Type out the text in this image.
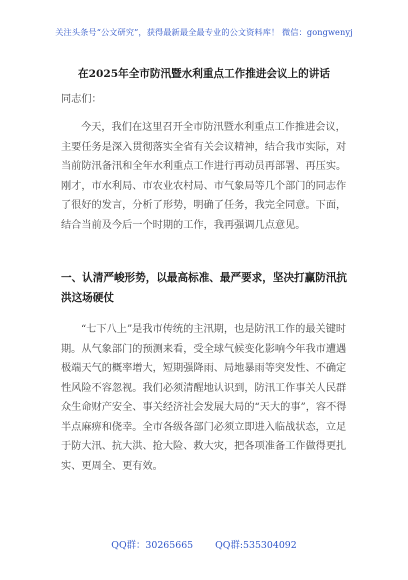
关注头条号“公文研究”，获得最新最全最专业的公文资料库！ 微信：gongwenyj
在2025年全市防汛暨水利重点工作推进会议上的讲话

同志们：

今天，我们在这里召开全市防汛暨水利重点工作推进会议，主要任务是深入贯彻落实全省有关会议精神，结合我市实际，对当前防汛备汛和全年水利重点工作进行再动员再部署、再压实。刚才，市水利局、市农业农村局、市气象局等几个部门的同志作了很好的发言，分析了形势，明确了任务，我完全同意。下面，结合当前及今后一个时期的工作，我再强调几点意见。

一、认清严峻形势，以最高标准、最严要求，坚决打赢防汛抗洪这场硬仗

“七下八上”是我市传统的主汛期，也是防汛工作的最关键时期。从气象部门的预测来看，受全球气候变化影响今年我市遭遇极端天气的概率增大，短期强降雨、局地暴雨等突发性、不确定性风险不容忽视。我们必须清醒地认识到，防汛工作事关人民群众生命财产安全、事关经济社会发展大局的“天大的事”，容不得半点麻痹和侥幸。全市各级各部门必须立即进入临战状态，立足于防大汛、抗大洪、抢大险、救大灾，把各项准备工作做得更扎实、更周全、更有效。

QQ群：30265665 QQ群:535304092
